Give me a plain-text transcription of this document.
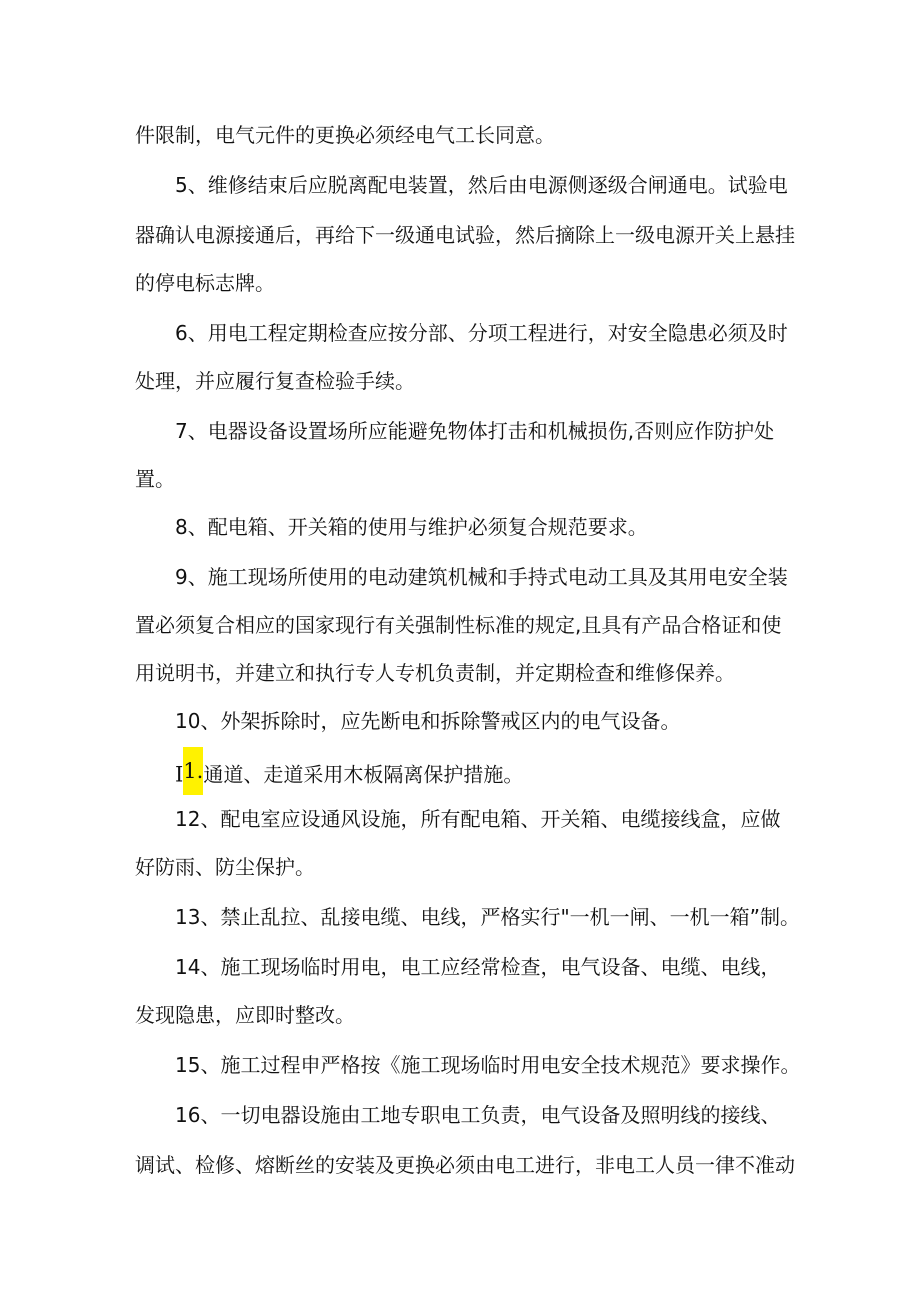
件限制，电气元件的更换必须经电气工长同意。
5、维修结束后应脱离配电装置，然后由电源侧逐级合闸通电。试验电
器确认电源接通后，再给下一级通电试验，然后摘除上一级电源开关上悬挂
的停电标志牌。
6、用电工程定期检查应按分部、分项工程进行，对安全隐患必须及时
处理，并应履行复查检验手续。
7、电器设备设置场所应能避免物体打击和机械损伤,否则应作防护处
置。
8、配电箱、开关箱的使用与维护必须复合规范要求。
9、施工现场所使用的电动建筑机械和手持式电动工具及其用电安全装
置必须复合相应的国家现行有关强制性标准的规定,且具有产品合格证和使
用说明书，并建立和执行专人专机负责制，并定期检查和维修保养。
10、外架拆除时，应先断电和拆除警戒区内的电气设备。
I1.通道、走道采用木板隔离保护措施。
12、配电室应设通风设施，所有配电箱、开关箱、电缆接线盒，应做
好防雨、防尘保护。
13、禁止乱拉、乱接电缆、电线，严格实行"一机一闸、一机一箱”制。
14、施工现场临时用电，电工应经常检查，电气设备、电缆、电线，
发现隐患，应即时整改。
15、施工过程申严格按《施工现场临时用电安全技术规范》要求操作。
16、一切电器设施由工地专职电工负责，电气设备及照明线的接线、
调试、检修、熔断丝的安装及更换必须由电工进行，非电工人员一律不准动
